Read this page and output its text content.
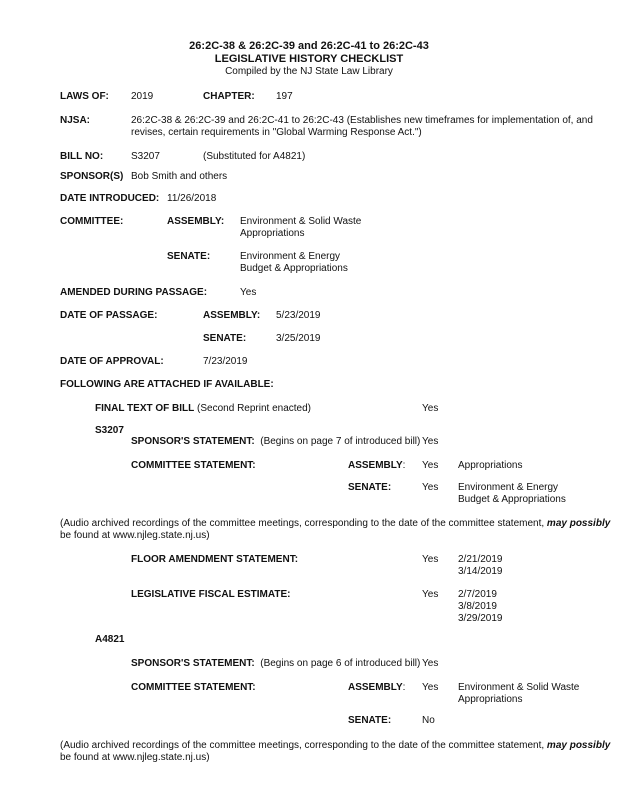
26:2C-38 & 26:2C-39 and 26:2C-41 to 26:2C-43
LEGISLATIVE HISTORY CHECKLIST
Compiled by the NJ State Law Library
LAWS OF: 2019	CHAPTER: 197
NJSA:	26:2C-38 & 26:2C-39 and 26:2C-41 to 26:2C-43 (Establishes new timeframes for implementation of, and
revises, certain requirements in "Global Warming Response Act.")
BILL NO:	S3207	(Substituted for A4821)
SPONSOR(S) Bob Smith and others
DATE INTRODUCED: 11/26/2018
COMMITTEE:	ASSEMBLY: Environment & Solid Waste
Appropriations
SENATE:	Environment & Energy
Budget & Appropriations
AMENDED DURING PASSAGE:	Yes
DATE OF PASSAGE:	ASSEMBLY: 5/23/2019
SENATE:	3/25/2019
DATE OF APPROVAL:	7/23/2019
FOLLOWING ARE ATTACHED IF AVAILABLE:
FINAL TEXT OF BILL (Second Reprint enacted)	Yes
S3207
SPONSOR'S STATEMENT: (Begins on page 7 of introduced bill) Yes
COMMITTEE STATEMENT:	ASSEMBLY: Yes Appropriations
SENATE:	Yes Environment & Energy
Budget & Appropriations
(Audio archived recordings of the committee meetings, corresponding to the date of the committee statement, may possibly
be found at www.njleg.state.nj.us)
FLOOR AMENDMENT STATEMENT:	Yes 2/21/2019
3/14/2019
LEGISLATIVE FISCAL ESTIMATE:	Yes 2/7/2019
3/8/2019
3/29/2019
A4821
SPONSOR'S STATEMENT: (Begins on page 6 of introduced bill) Yes
COMMITTEE STATEMENT:	ASSEMBLY: Yes Environment & Solid Waste
Appropriations
SENATE:	No
(Audio archived recordings of the committee meetings, corresponding to the date of the committee statement, may possibly
be found at www.njleg.state.nj.us)
